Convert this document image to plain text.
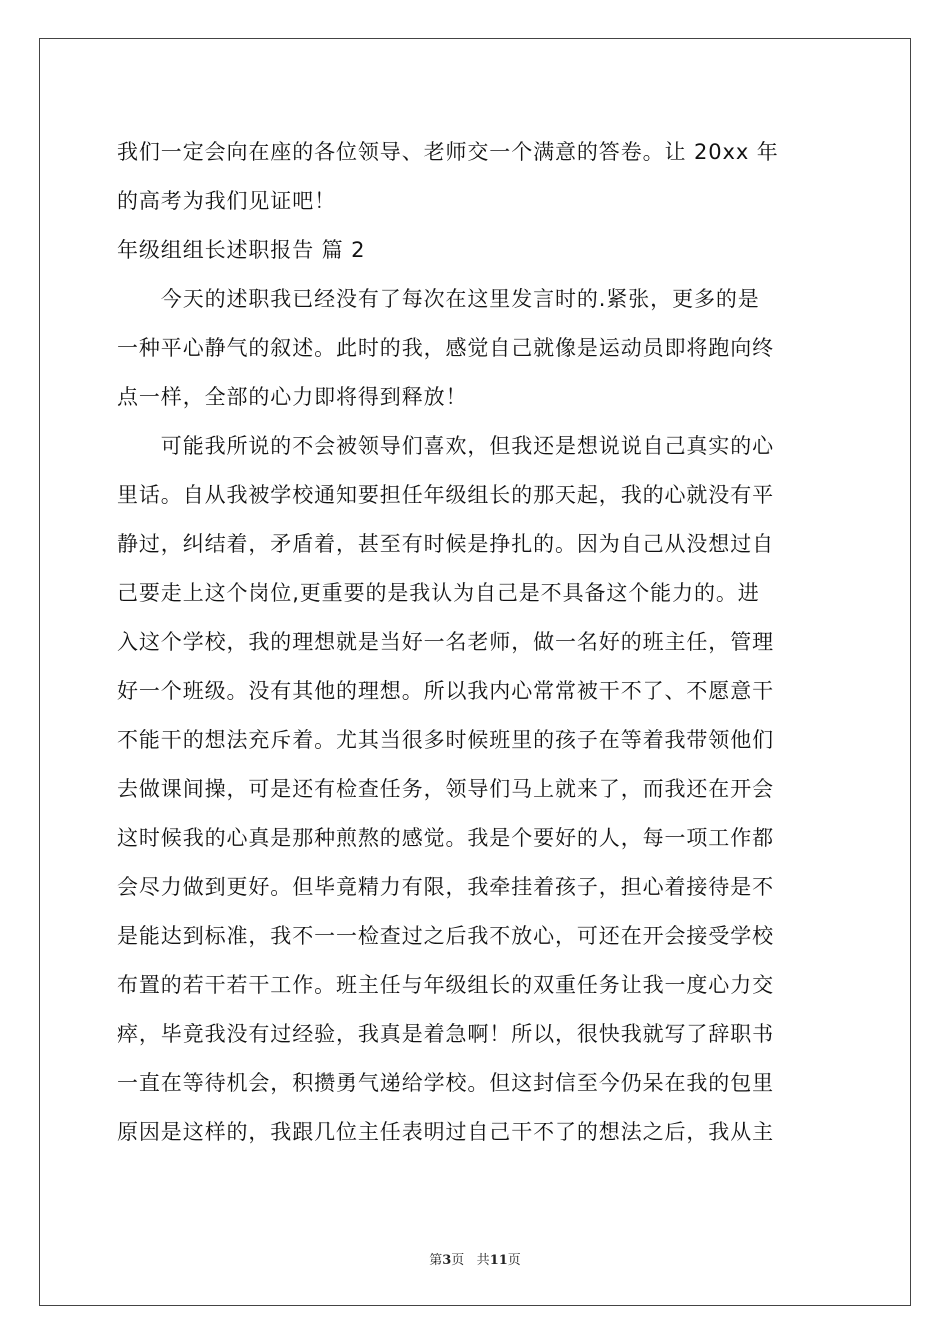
我们一定会向在座的各位领导、老师交一个满意的答卷。让 20xx 年
的高考为我们见证吧！
年级组组长述职报告 篇 2
　　今天的述职我已经没有了每次在这里发言时的.紧张，更多的是
一种平心静气的叙述。此时的我，感觉自己就像是运动员即将跑向终
点一样，全部的心力即将得到释放！
　　可能我所说的不会被领导们喜欢，但我还是想说说自己真实的心
里话。自从我被学校通知要担任年级组长的那天起，我的心就没有平
静过，纠结着，矛盾着，甚至有时候是挣扎的。因为自己从没想过自
己要走上这个岗位,更重要的是我认为自己是不具备这个能力的。进
入这个学校，我的理想就是当好一名老师，做一名好的班主任，管理
好一个班级。没有其他的理想。所以我内心常常被干不了、不愿意干
不能干的想法充斥着。尤其当很多时候班里的孩子在等着我带领他们
去做课间操，可是还有检查任务，领导们马上就来了，而我还在开会
这时候我的心真是那种煎熬的感觉。我是个要好的人，每一项工作都
会尽力做到更好。但毕竟精力有限，我牵挂着孩子，担心着接待是不
是能达到标准，我不一一检查过之后我不放心，可还在开会接受学校
布置的若干若干工作。班主任与年级组长的双重任务让我一度心力交
瘁，毕竟我没有过经验，我真是着急啊！所以，很快我就写了辞职书
一直在等待机会，积攒勇气递给学校。但这封信至今仍呆在我的包里
原因是这样的，我跟几位主任表明过自己干不了的想法之后，我从主
第3页 共11页
